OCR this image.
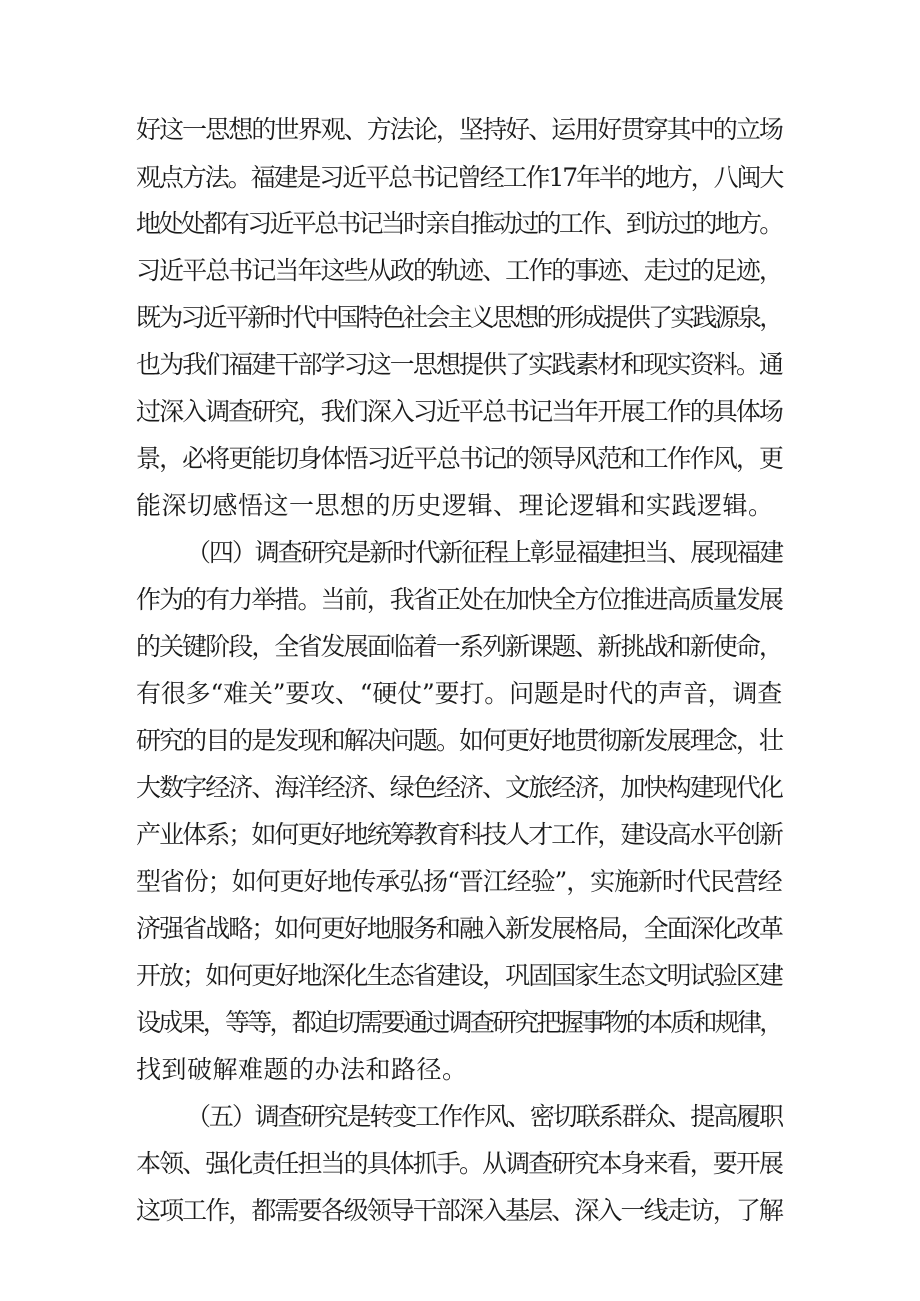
好这一思想的世界观、方法论，坚持好、运用好贯穿其中的立场

观点方法。福建是习近平总书记曾经工作17年半的地方，八闽大

地处处都有习近平总书记当时亲自推动过的工作、到访过的地方。

习近平总书记当年这些从政的轨迹、工作的事迹、走过的足迹，

既为习近平新时代中国特色社会主义思想的形成提供了实践源泉，

也为我们福建干部学习这一思想提供了实践素材和现实资料。通

过深入调查研究，我们深入习近平总书记当年开展工作的具体场

景，必将更能切身体悟习近平总书记的领导风范和工作作风，更

能深切感悟这一思想的历史逻辑、理论逻辑和实践逻辑。

（四）调查研究是新时代新征程上彰显福建担当、展现福建

作为的有力举措。当前，我省正处在加快全方位推进高质量发展

的关键阶段，全省发展面临着一系列新课题、新挑战和新使命，

有很多“难关”要攻、“硬仗”要打。问题是时代的声音，调查

研究的目的是发现和解决问题。如何更好地贯彻新发展理念，壮

大数字经济、海洋经济、绿色经济、文旅经济，加快构建现代化

产业体系；如何更好地统筹教育科技人才工作，建设高水平创新

型省份；如何更好地传承弘扬“晋江经验”，实施新时代民营经

济强省战略；如何更好地服务和融入新发展格局，全面深化改革

开放；如何更好地深化生态省建设，巩固国家生态文明试验区建

设成果，等等，都迫切需要通过调查研究把握事物的本质和规律，

找到破解难题的办法和路径。

（五）调查研究是转变工作作风、密切联系群众、提高履职

本领、强化责任担当的具体抓手。从调查研究本身来看，要开展

这项工作，都需要各级领导干部深入基层、深入一线走访，了解
